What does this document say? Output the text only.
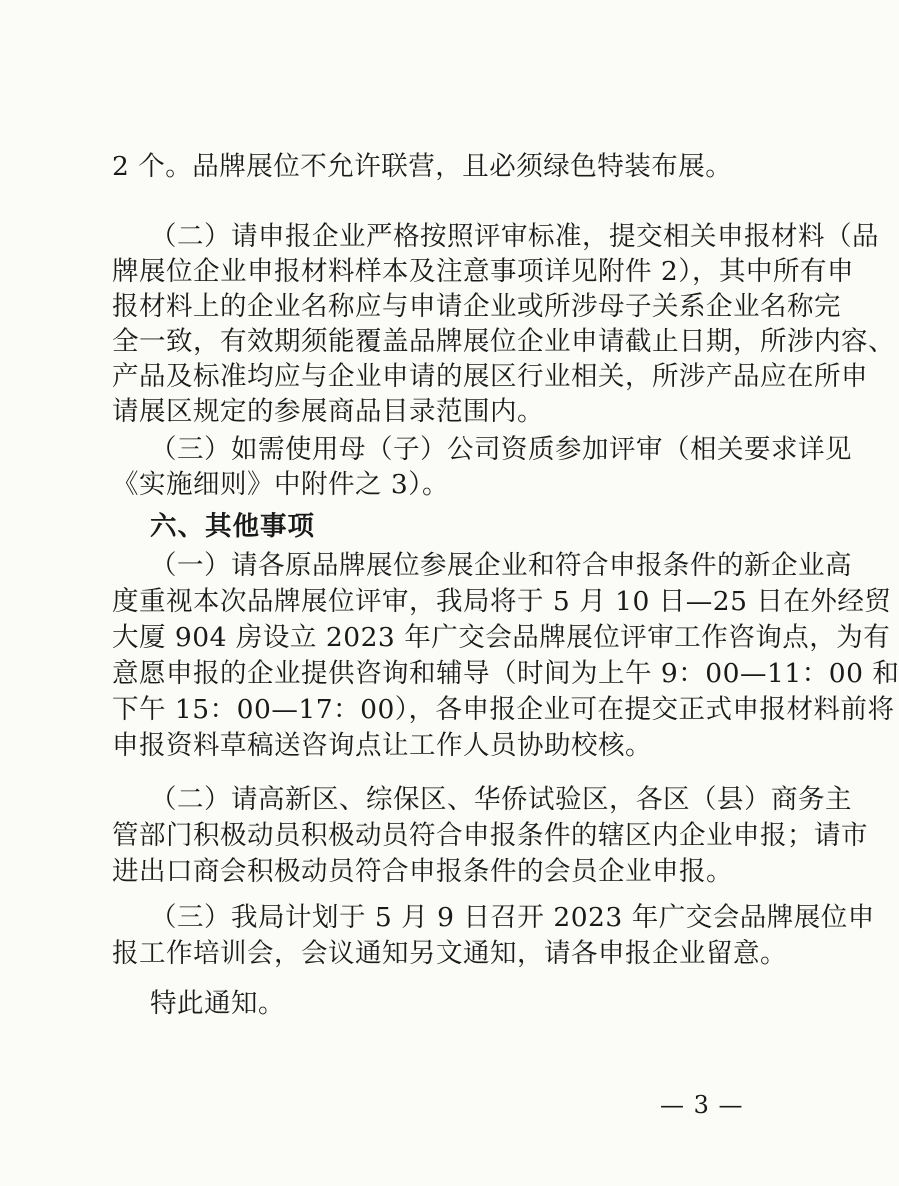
2 个。品牌展位不允许联营，且必须绿色特装布展。
（二）请申报企业严格按照评审标准，提交相关申报材料（品
牌展位企业申报材料样本及注意事项详见附件 2），其中所有申
报材料上的企业名称应与申请企业或所涉母子关系企业名称完
全一致，有效期须能覆盖品牌展位企业申请截止日期，所涉内容、
产品及标准均应与企业申请的展区行业相关，所涉产品应在所申
请展区规定的参展商品目录范围内。
（三）如需使用母（子）公司资质参加评审（相关要求详见
《实施细则》中附件之 3）。
六、其他事项
（一）请各原品牌展位参展企业和符合申报条件的新企业高
度重视本次品牌展位评审，我局将于 5 月 10 日—25 日在外经贸
大厦 904 房设立 2023 年广交会品牌展位评审工作咨询点，为有
意愿申报的企业提供咨询和辅导（时间为上午 9：00—11：00 和
下午 15：00—17：00），各申报企业可在提交正式申报材料前将
申报资料草稿送咨询点让工作人员协助校核。
（二）请高新区、综保区、华侨试验区，各区（县）商务主
管部门积极动员积极动员符合申报条件的辖区内企业申报；请市
进出口商会积极动员符合申报条件的会员企业申报。
（三）我局计划于 5 月 9 日召开 2023 年广交会品牌展位申
报工作培训会，会议通知另文通知，请各申报企业留意。
特此通知。
— 3 —
